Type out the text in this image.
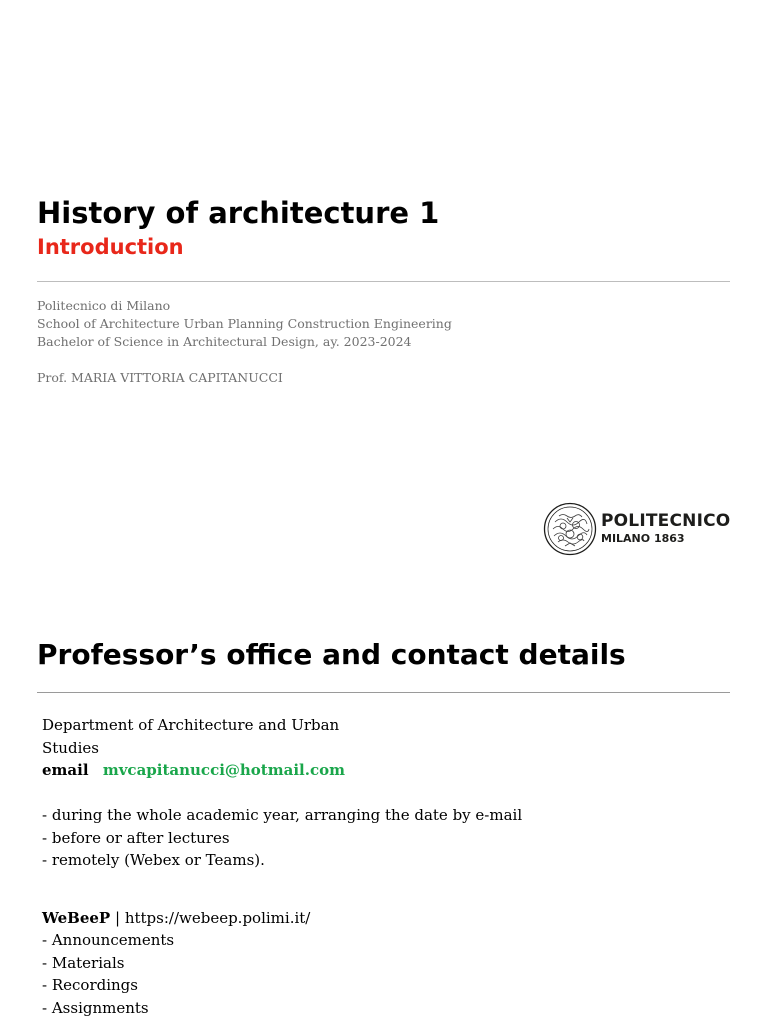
History of architecture 1
Introduction
Politecnico di Milano
School of Architecture Urban Planning Construction Engineering
Bachelor of Science in Architectural Design, ay. 2023-2024
Prof. MARIA VITTORIA CAPITANUCCI
POLITECNICO
MILANO 1863
Professor’s office and contact details
Department of Architecture and Urban
Studies
email mvcapitanucci@hotmail.com
- during the whole academic year, arranging the date by e-mail
- before or after lectures
- remotely (Webex or Teams).
WeBeeP | https://webeep.polimi.it/
- Announcements
- Materials
- Recordings
- Assignments
